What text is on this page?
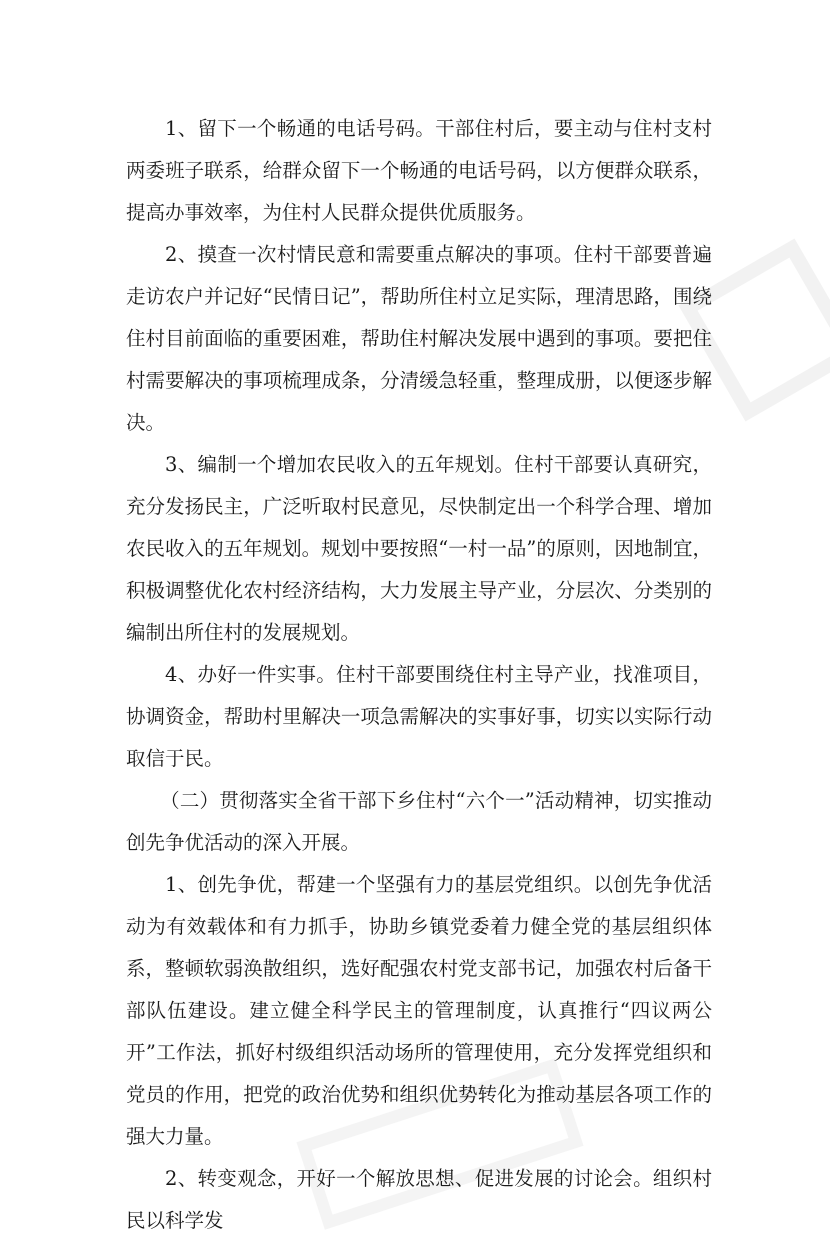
1、留下一个畅通的电话号码。干部住村后，要主动与住村支村两委班子联系，给群众留下一个畅通的电话号码，以方便群众联系，提高办事效率，为住村人民群众提供优质服务。

2、摸查一次村情民意和需要重点解决的事项。住村干部要普遍走访农户并记好“民情日记”，帮助所住村立足实际，理清思路，围绕住村目前面临的重要困难，帮助住村解决发展中遇到的事项。要把住村需要解决的事项梳理成条，分清缓急轻重，整理成册，以便逐步解决。

3、编制一个增加农民收入的五年规划。住村干部要认真研究，充分发扬民主，广泛听取村民意见，尽快制定出一个科学合理、增加农民收入的五年规划。规划中要按照“一村一品”的原则，因地制宜，积极调整优化农村经济结构，大力发展主导产业，分层次、分类别的编制出所住村的发展规划。

4、办好一件实事。住村干部要围绕住村主导产业，找准项目，协调资金，帮助村里解决一项急需解决的实事好事，切实以实际行动取信于民。

（二）贯彻落实全省干部下乡住村“六个一”活动精神，切实推动创先争优活动的深入开展。

1、创先争优，帮建一个坚强有力的基层党组织。以创先争优活动为有效载体和有力抓手，协助乡镇党委着力健全党的基层组织体系，整顿软弱涣散组织，选好配强农村党支部书记，加强农村后备干部队伍建设。建立健全科学民主的管理制度，认真推行“四议两公开”工作法，抓好村级组织活动场所的管理使用，充分发挥党组织和党员的作用，把党的政治优势和组织优势转化为推动基层各项工作的强大力量。

2、转变观念，开好一个解放思想、促进发展的讨论会。组织村民以科学发
